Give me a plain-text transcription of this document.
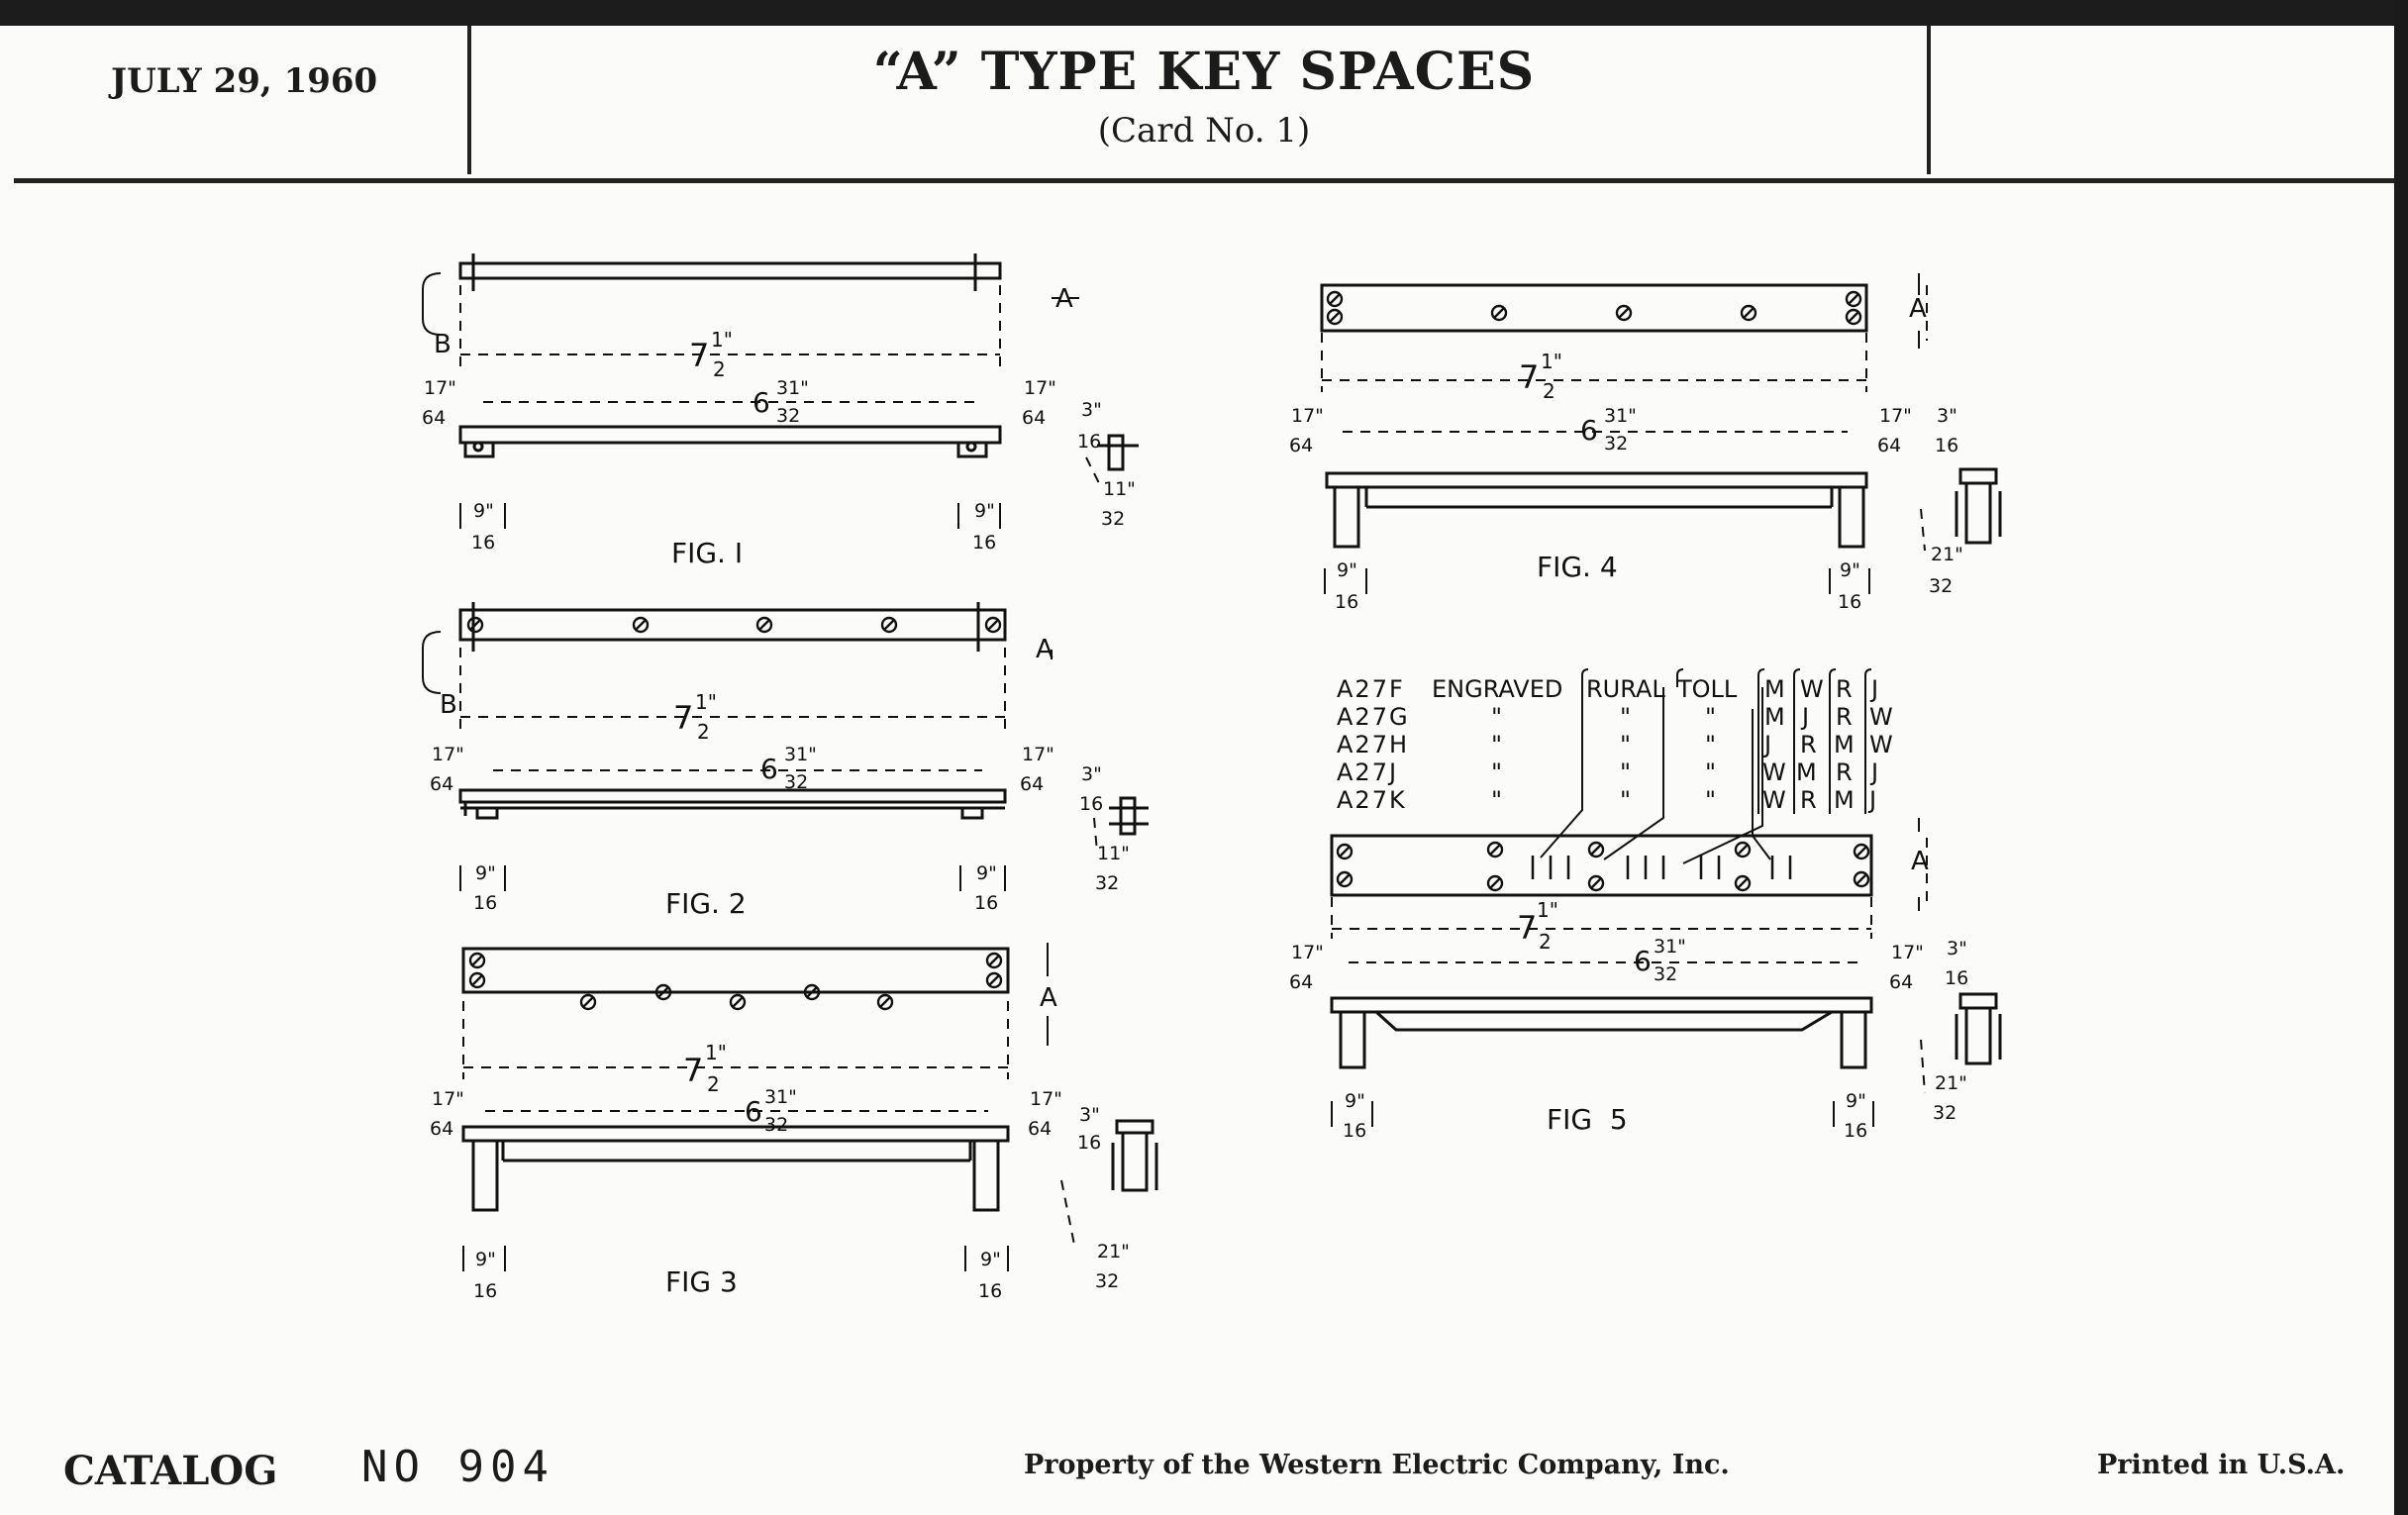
A
B	7 1"
2
6 31"
32
17"
64
17"
64 3"
16
11"
32
9"
16
9"
16
FIG. I
A
B	7 1"
2
6 31"
32
17"
64
17"
64 3"
16
11"
32
9"
16
9"
16
FIG. 2
A
7 1"
2
6 31"
32
17"
64
17"
64
3"
16
21"
32
9"
16
9"
16
FIG 3
A
7 1"
2
6 31"
32
17"
64
17"
64
3"
16
21"
32
9"
16
9"
16
FIG. 4
A
7 1"
2
6 31"
32
17"
64
17"
64
3"
16
21"
32
9"
16
9"
16
FIG  5
A27F ENGRAVED RURAL TOLL M W R J
A27G	"	"	" M J R W
A27H	"	"	" J R M W
A27J	"	"	" W M R J
A27K	"	"	" W R M J
JULY 29, 1960	“A” TYPE KEY SPACES
(Card No. 1)
CATALOG NO 904	Property of the Western Electric Company, Inc.	Printed in U.S.A.
